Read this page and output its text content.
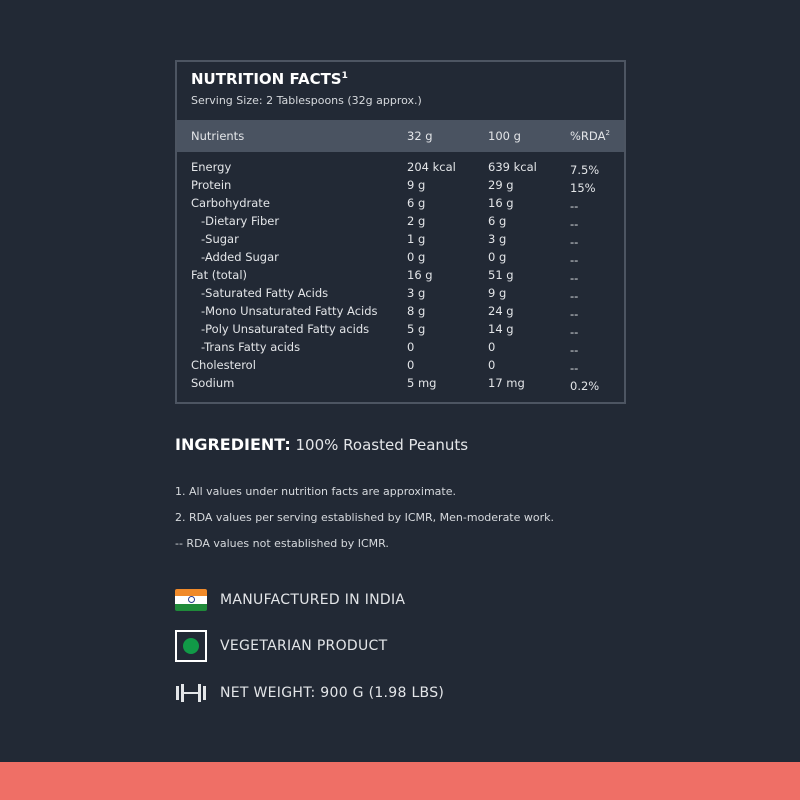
NUTRITION FACTS$^1$
Serving Size: 2 Tablespoons (32g approx.)
Nutrients	32 g	100 g	%RDA$^2$
Energy	204 kcal	639 kcal	7.5%
Protein	9 g	29 g	15%
Carbohydrate	6 g	16 g	--
-Dietary Fiber	2 g	6 g	--
-Sugar	1 g	3 g	--
-Added Sugar	0 g	0 g	--
Fat (total)	16 g	51 g	--
-Saturated Fatty Acids	3 g	9 g	--
-Mono Unsaturated Fatty Acids	8 g	24 g	--
-Poly Unsaturated Fatty acids	5 g	14 g	--
-Trans Fatty acids	0	0	--
Cholesterol	0	0	--
Sodium	5 mg	17 mg	0.2%
INGREDIENT: 100% Roasted Peanuts
1. All values under nutrition facts are approximate.
2. RDA values per serving established by ICMR, Men-moderate work.
-- RDA values not established by ICMR.
MANUFACTURED IN INDIA
VEGETARIAN PRODUCT
NET WEIGHT: 900 G (1.98 LBS)
